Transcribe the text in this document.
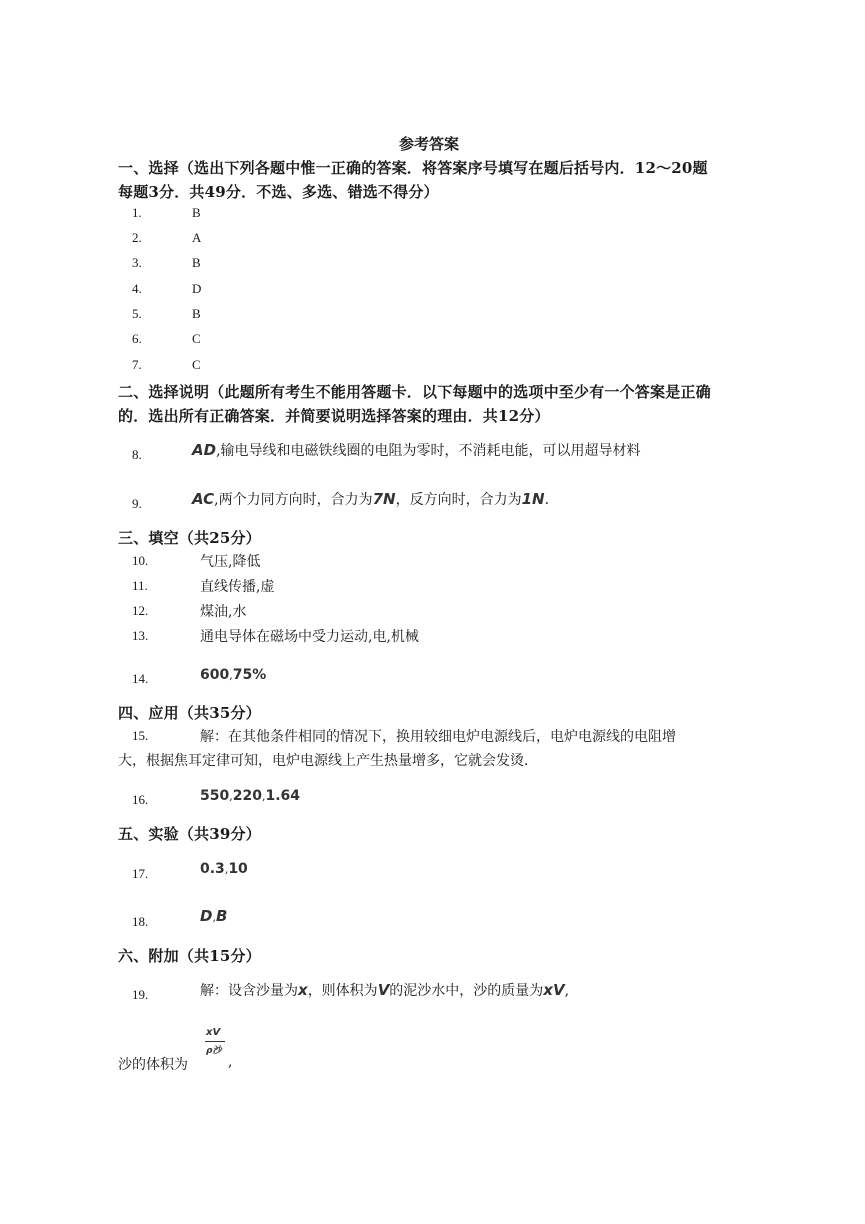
参考答案
一、选择（选出下列各题中惟一正确的答案．将答案序号填写在题后括号内．12～20题
每题3分．共49分．不选、多选、错选不得分）
1.	B
2.	A
3.	B
4.	D
5.	B
6.	C
7.	C
二、选择说明（此题所有考生不能用答题卡．以下每题中的选项中至少有一个答案是正确
的．选出所有正确答案．并简要说明选择答案的理由．共12分）
8.	AD,输电导线和电磁铁线圈的电阻为零时，不消耗电能，可以用超导材料
9.	AC,两个力同方向时，合力为7N，反方向时，合力为1N.
三、填空（共25分）
10.	气压,降低
11.	直线传播,虚
12.	煤油,水
13.	通电导体在磁场中受力运动,电,机械
14.	600,75%
四、应用（共35分）
15.	解：在其他条件相同的情况下，换用较细电炉电源线后，电炉电源线的电阻增
大，根据焦耳定律可知，电炉电源线上产生热量增多，它就会发烫．
16.	550,220,1.64
五、实验（共39分）
17.	0.3,10
18.	D,B
六、附加（共15分）
19.	解：设含沙量为x，则体积为V的泥沙水中，沙的质量为xV,
沙的体积为
xV
ρ沙
,
